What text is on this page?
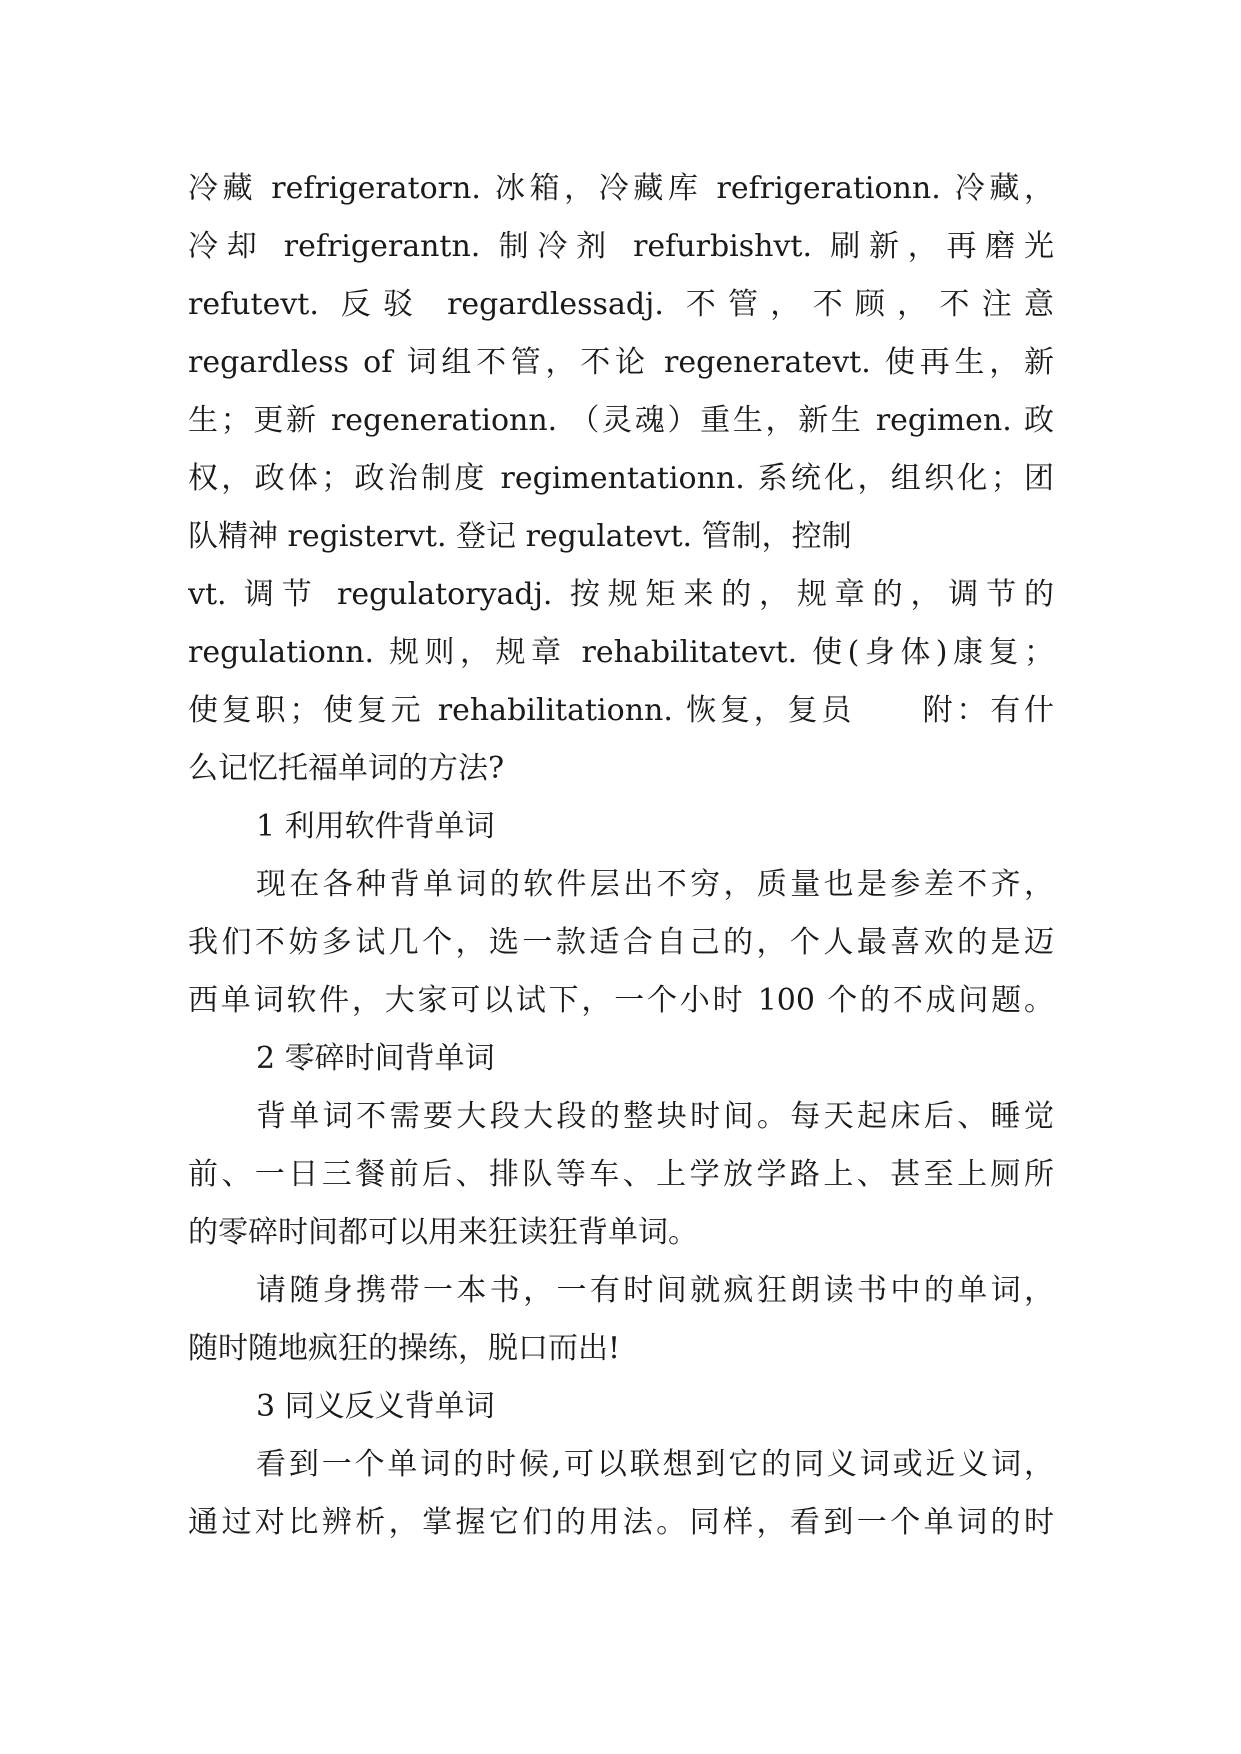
冷藏 refrigeratorn. 冰箱，冷藏库 refrigerationn. 冷藏，
冷却 refrigerantn. 制冷剂 refurbishvt. 刷新，再磨光
refutevt. 反驳 regardlessadj. 不管，不顾，不注意
regardless of 词组不管，不论 regeneratevt. 使再生，新
生；更新 regenerationn. （灵魂）重生，新生 regimen. 政
权，政体；政治制度 regimentationn. 系统化，组织化；团
队精神 registervt. 登记 regulatevt. 管制，控制
vt. 调节 regulatoryadj. 按规矩来的，规章的，调节的
regulationn. 规则，规章 rehabilitatevt. 使(身体)康复；
使复职；使复元 rehabilitationn. 恢复，复员　　附：有什
么记忆托福单词的方法?
1 利用软件背单词
现在各种背单词的软件层出不穷，质量也是参差不齐，
我们不妨多试几个，选一款适合自己的，个人最喜欢的是迈
西单词软件，大家可以试下，一个小时 100 个的不成问题。
2 零碎时间背单词
背单词不需要大段大段的整块时间。每天起床后、睡觉
前、一日三餐前后、排队等车、上学放学路上、甚至上厕所
的零碎时间都可以用来狂读狂背单词。
请随身携带一本书，一有时间就疯狂朗读书中的单词，
随时随地疯狂的操练，脱口而出!
3 同义反义背单词
看到一个单词的时候,可以联想到它的同义词或近义词，
通过对比辨析，掌握它们的用法。同样，看到一个单词的时
